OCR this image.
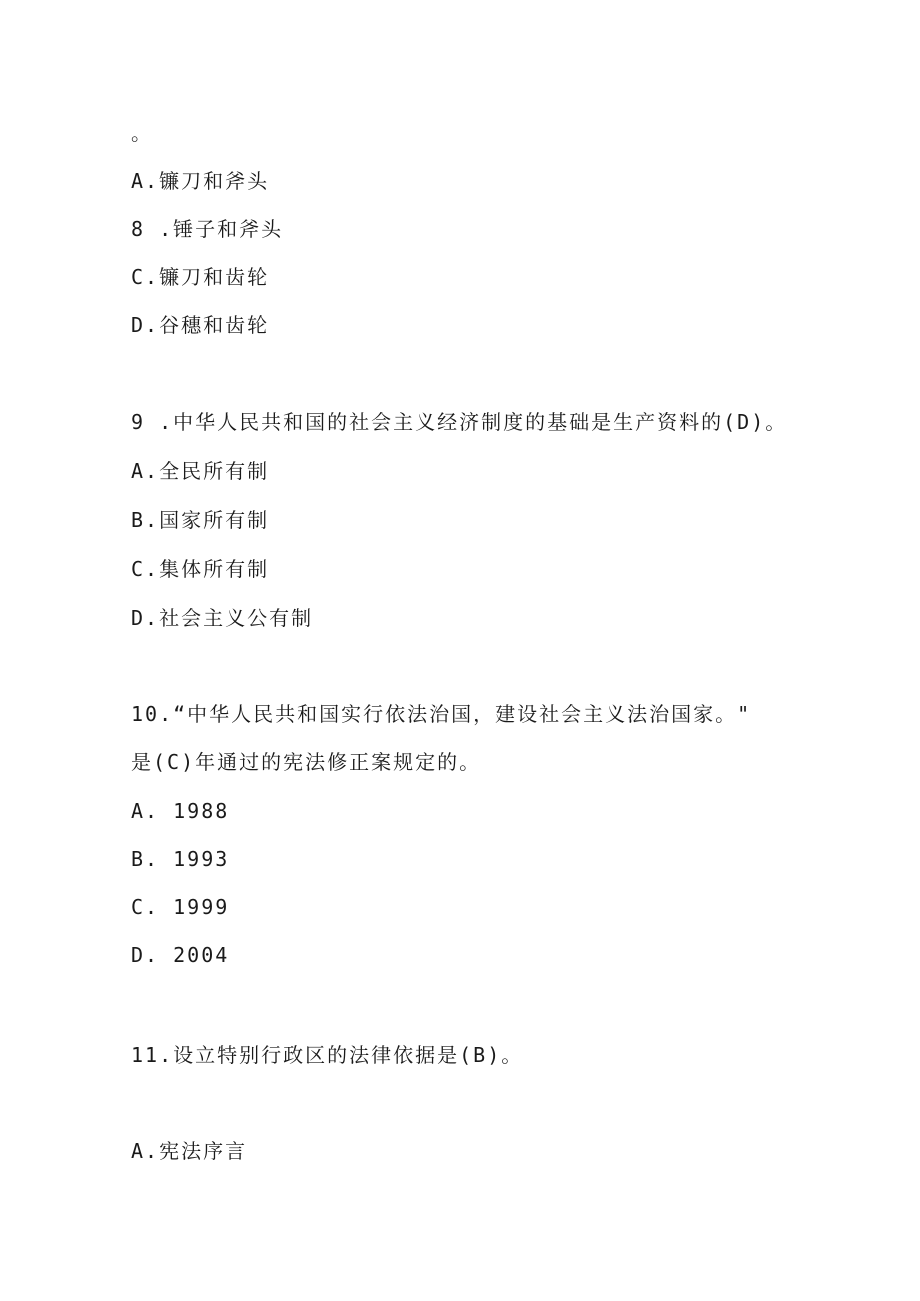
。
A.镰刀和斧头
8 .锤子和斧头
C.镰刀和齿轮
D.谷穗和齿轮
9 .中华人民共和国的社会主义经济制度的基础是生产资料的(D)。
A.全民所有制
B.国家所有制
C.集体所有制
D.社会主义公有制
10.“中华人民共和国实行依法治国，建设社会主义法治国家。"
是(C)年通过的宪法修正案规定的。
A. 1988
B. 1993
C. 1999
D. 2004
11.设立特别行政区的法律依据是(B)。
A.宪法序言
